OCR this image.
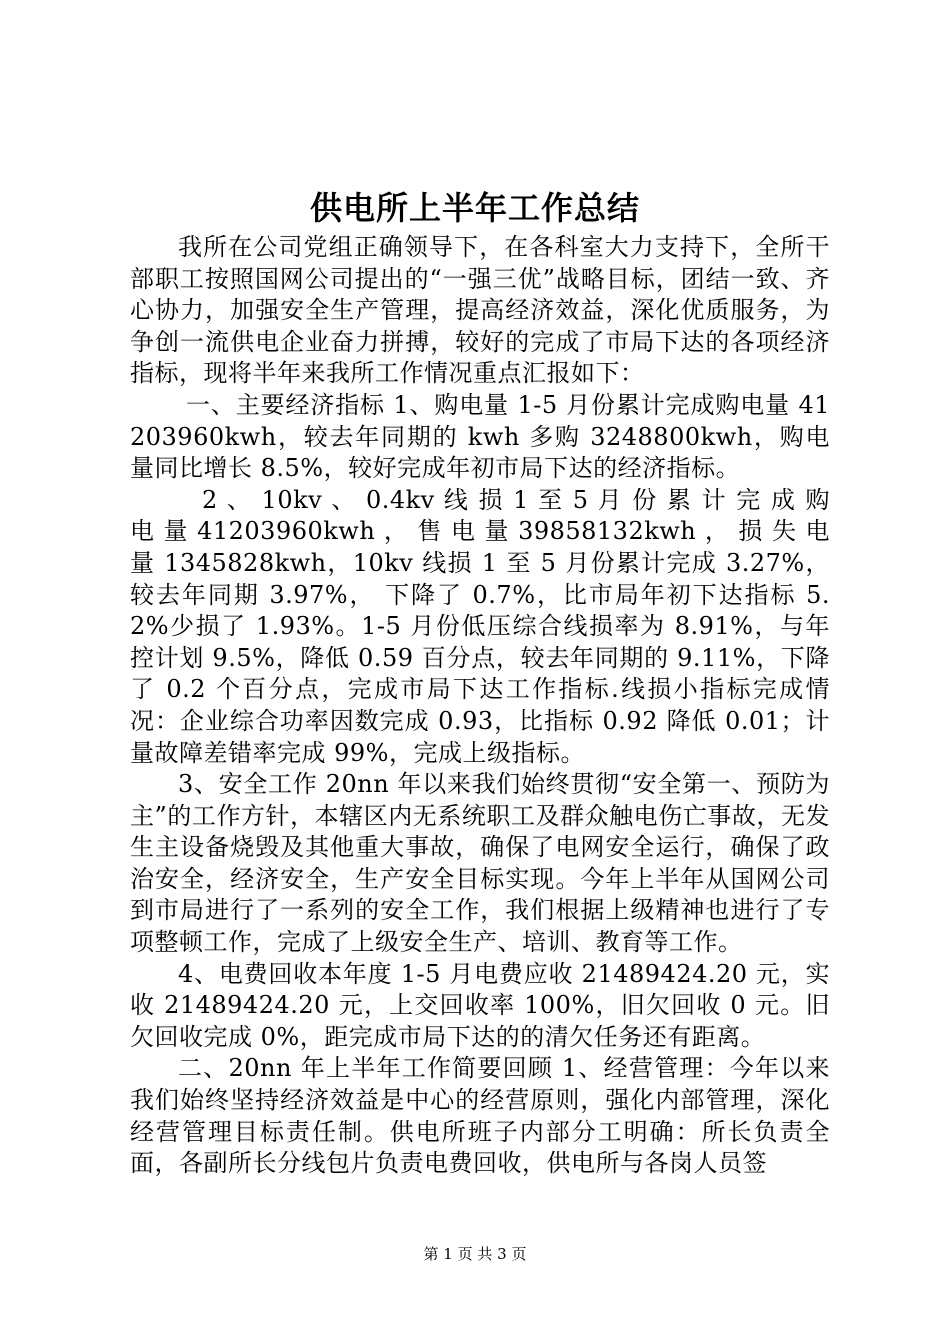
供电所上半年工作总结

我所在公司党组正确领导下，在各科室大力支持下，全所干部职工按照国网公司提出的“一强三优”战略目标，团结一致、齐心协力，加强安全生产管理，提高经济效益，深化优质服务，为争创一流供电企业奋力拼搏，较好的完成了市局下达的各项经济指标，现将半年来我所工作情况重点汇报如下：

一、主要经济指标 1、购电量 1-5 月份累计完成购电量 41203960kwh，较去年同期的 kwh 多购 3248800kwh，购电量同比增长 8.5%，较好完成年初市局下达的经济指标。

2 、 10kv 、 0.4kv 线 损 1 至 5 月 份 累 计 完 成 购 电 量 41203960kwh ， 售 电 量 39858132kwh ， 损 失 电 量 1345828kwh，10kv 线损 1 至 5 月份累计完成 3.27%，较去年同期 3.97%， 下降了 0.7%，比市局年初下达指标 5.2%少损了 1.93%。1-5 月份低压综合线损率为 8.91%，与年控计划 9.5%，降低 0.59 百分点，较去年同期的 9.11%，下降了 0.2 个百分点，完成市局下达工作指标.线损小指标完成情况：企业综合功率因数完成 0.93，比指标 0.92 降低 0.01；计量故障差错率完成 99%，完成上级指标。

3、安全工作 20nn 年以来我们始终贯彻“安全第一、预防为主”的工作方针，本辖区内无系统职工及群众触电伤亡事故，无发生主设备烧毁及其他重大事故，确保了电网安全运行，确保了政治安全，经济安全，生产安全目标实现。今年上半年从国网公司到市局进行了一系列的安全工作，我们根据上级精神也进行了专项整顿工作，完成了上级安全生产、培训、教育等工作。

4、电费回收本年度 1-5 月电费应收 21489424.20 元，实收 21489424.20 元，上交回收率 100%，旧欠回收 0 元。旧欠回收完成 0%，距完成市局下达的的清欠任务还有距离。

二、20nn 年上半年工作简要回顾 1、经营管理：今年以来我们始终坚持经济效益是中心的经营原则，强化内部管理，深化经营管理目标责任制。供电所班子内部分工明确：所长负责全面，各副所长分线包片负责电费回收，供电所与各岗人员签

第 1 页 共 3 页
